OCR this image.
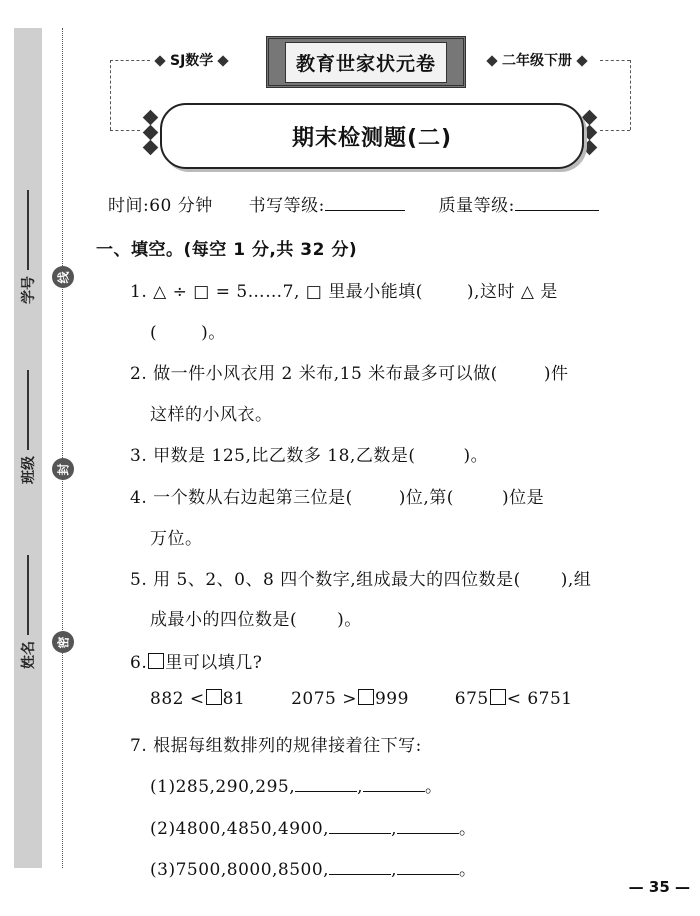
学号
班级
姓名
线
封
密
SJ数学	教育世家状元卷	二年级下册
期末检测题(二)
时间:60 分钟 书写等级:	质量等级:
一、填空。(每空 1 分,共 32 分)
1. △ ÷ □ = 5……7, □ 里最小能填(	),这时 △ 是
(	)。
2. 做一件小风衣用 2 米布,15 米布最多可以做(	)件
这样的小风衣。
3. 甲数是 125,比乙数多 18,乙数是(	)。
4. 一个数从右边起第三位是(	)位,第(	)位是
万位。
5. 用 5、2、0、8 四个数字,组成最大的四位数是( ),组
成最小的四位数是( )。
6. 里可以填几?
882 < 81	2075 > 999	675 < 6751
7. 根据每组数排列的规律接着往下写:
(1)285,290,295,	,	。
(2)4800,4850,4900,	,	。
(3)7500,8000,8500,	,	。
— 35 —
